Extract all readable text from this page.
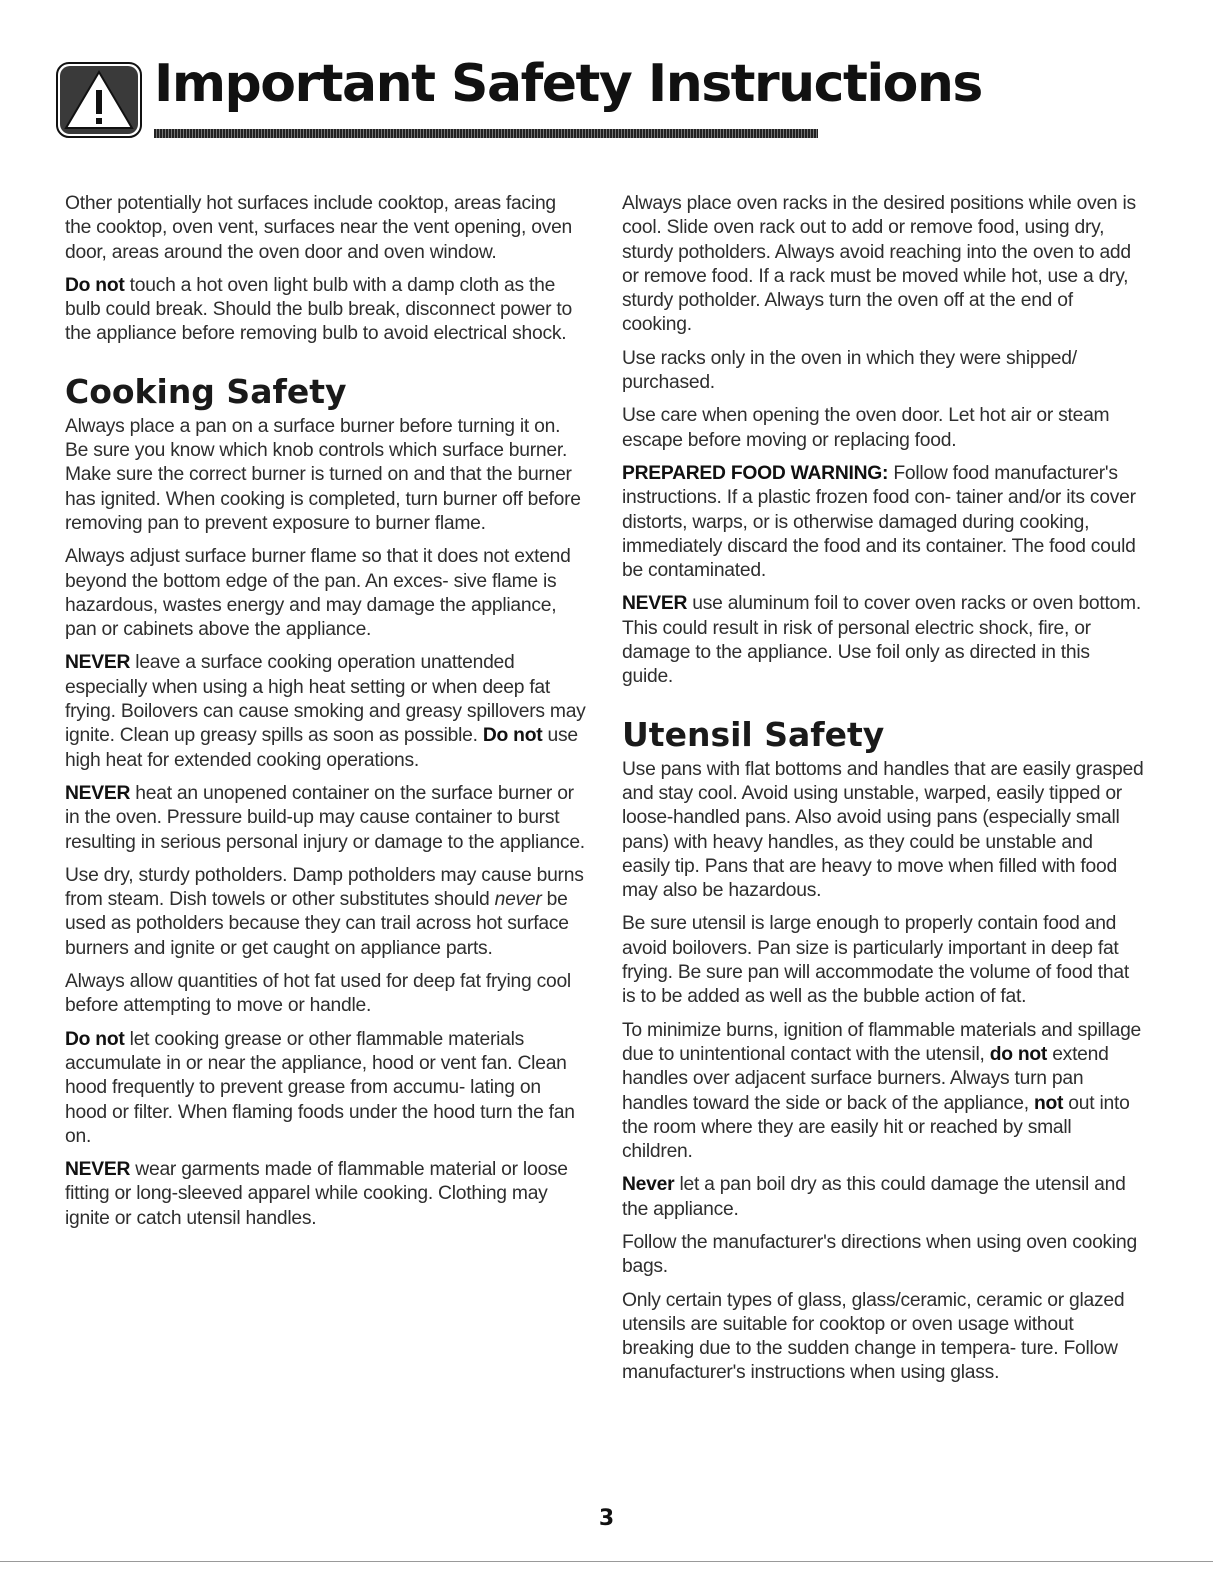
Important Safety Instructions

Other potentially hot surfaces include cooktop, areas facing the cooktop, oven vent, surfaces near the vent opening, oven door, areas around the oven door and oven window.

Do not touch a hot oven light bulb with a damp cloth as the bulb could break. Should the bulb break, disconnect power to the appliance before removing bulb to avoid electrical shock.

Cooking Safety

Always place a pan on a surface burner before turning it on. Be sure you know which knob controls which surface burner. Make sure the correct burner is turned on and that the burner has ignited. When cooking is completed, turn burner off before removing pan to prevent exposure to burner flame.

Always adjust surface burner flame so that it does not extend beyond the bottom edge of the pan. An exces- sive flame is hazardous, wastes energy and may damage the appliance, pan or cabinets above the appliance.

NEVER leave a surface cooking operation unattended especially when using a high heat setting or when deep fat frying. Boilovers can cause smoking and greasy spillovers may ignite. Clean up greasy spills as soon as possible. Do not use high heat for extended cooking operations.

NEVER heat an unopened container on the surface burner or in the oven. Pressure build-up may cause container to burst resulting in serious personal injury or damage to the appliance.

Use dry, sturdy potholders. Damp potholders may cause burns from steam. Dish towels or other substitutes should never be used as potholders because they can trail across hot surface burners and ignite or get caught on appliance parts.

Always allow quantities of hot fat used for deep fat frying cool before attempting to move or handle.

Do not let cooking grease or other flammable materials accumulate in or near the appliance, hood or vent fan. Clean hood frequently to prevent grease from accumu- lating on hood or filter. When flaming foods under the hood turn the fan on.

NEVER wear garments made of flammable material or loose fitting or long-sleeved apparel while cooking. Clothing may ignite or catch utensil handles.

Always place oven racks in the desired positions while oven is cool. Slide oven rack out to add or remove food, using dry, sturdy potholders. Always avoid reaching into the oven to add or remove food. If a rack must be moved while hot, use a dry, sturdy potholder. Always turn the oven off at the end of cooking.

Use racks only in the oven in which they were shipped/ purchased.

Use care when opening the oven door. Let hot air or steam escape before moving or replacing food.

PREPARED FOOD WARNING: Follow food manufacturer's instructions. If a plastic frozen food con- tainer and/or its cover distorts, warps, or is otherwise damaged during cooking, immediately discard the food and its container. The food could be contaminated.

NEVER use aluminum foil to cover oven racks or oven bottom. This could result in risk of personal electric shock, fire, or damage to the appliance. Use foil only as directed in this guide.

Utensil Safety

Use pans with flat bottoms and handles that are easily grasped and stay cool. Avoid using unstable, warped, easily tipped or loose-handled pans. Also avoid using pans (especially small pans) with heavy handles, as they could be unstable and easily tip. Pans that are heavy to move when filled with food may also be hazardous.

Be sure utensil is large enough to properly contain food and avoid boilovers. Pan size is particularly important in deep fat frying. Be sure pan will accommodate the volume of food that is to be added as well as the bubble action of fat.

To minimize burns, ignition of flammable materials and spillage due to unintentional contact with the utensil, do not extend handles over adjacent surface burners. Always turn pan handles toward the side or back of the appliance, not out into the room where they are easily hit or reached by small children.

Never let a pan boil dry as this could damage the utensil and the appliance.

Follow the manufacturer's directions when using oven cooking bags.

Only certain types of glass, glass/ceramic, ceramic or glazed utensils are suitable for cooktop or oven usage without breaking due to the sudden change in tempera- ture. Follow manufacturer's instructions when using glass.

3
